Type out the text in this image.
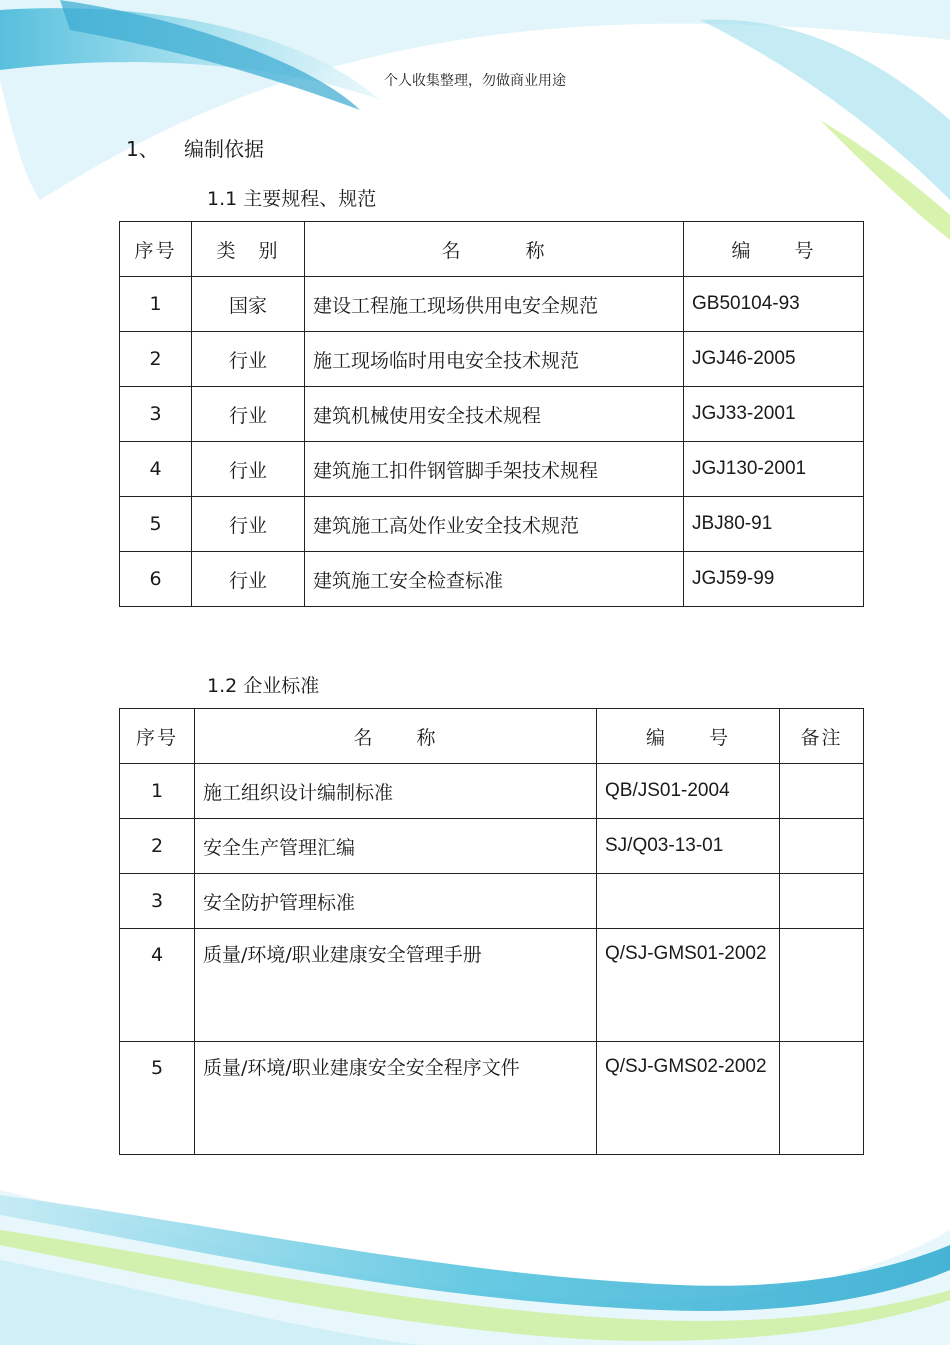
个人收集整理，勿做商业用途
1、 编制依据
1.1 主要规程、规范
序号	类　别	名　　　称	编　　号
1	国家	建设工程施工现场供用电安全规范	GB50104-93
2	行业	施工现场临时用电安全技术规范	JGJ46-2005
3	行业	建筑机械使用安全技术规程	JGJ33-2001
4	行业	建筑施工扣件钢管脚手架技术规程	JGJ130-2001
5	行业	建筑施工高处作业安全技术规范	JBJ80-91
6	行业	建筑施工安全检查标准	JGJ59-99
1.2 企业标准
序号	名　　称	编　　号	备注
1	施工组织设计编制标准	QB/JS01-2004	
2	安全生产管理汇编	SJ/Q03-13-01	
3	安全防护管理标准		
4	质量/环境/职业建康安全管理手册	Q/SJ-GMS01-2002	
5	质量/环境/职业建康安全安全程序文件	Q/SJ-GMS02-2002	
